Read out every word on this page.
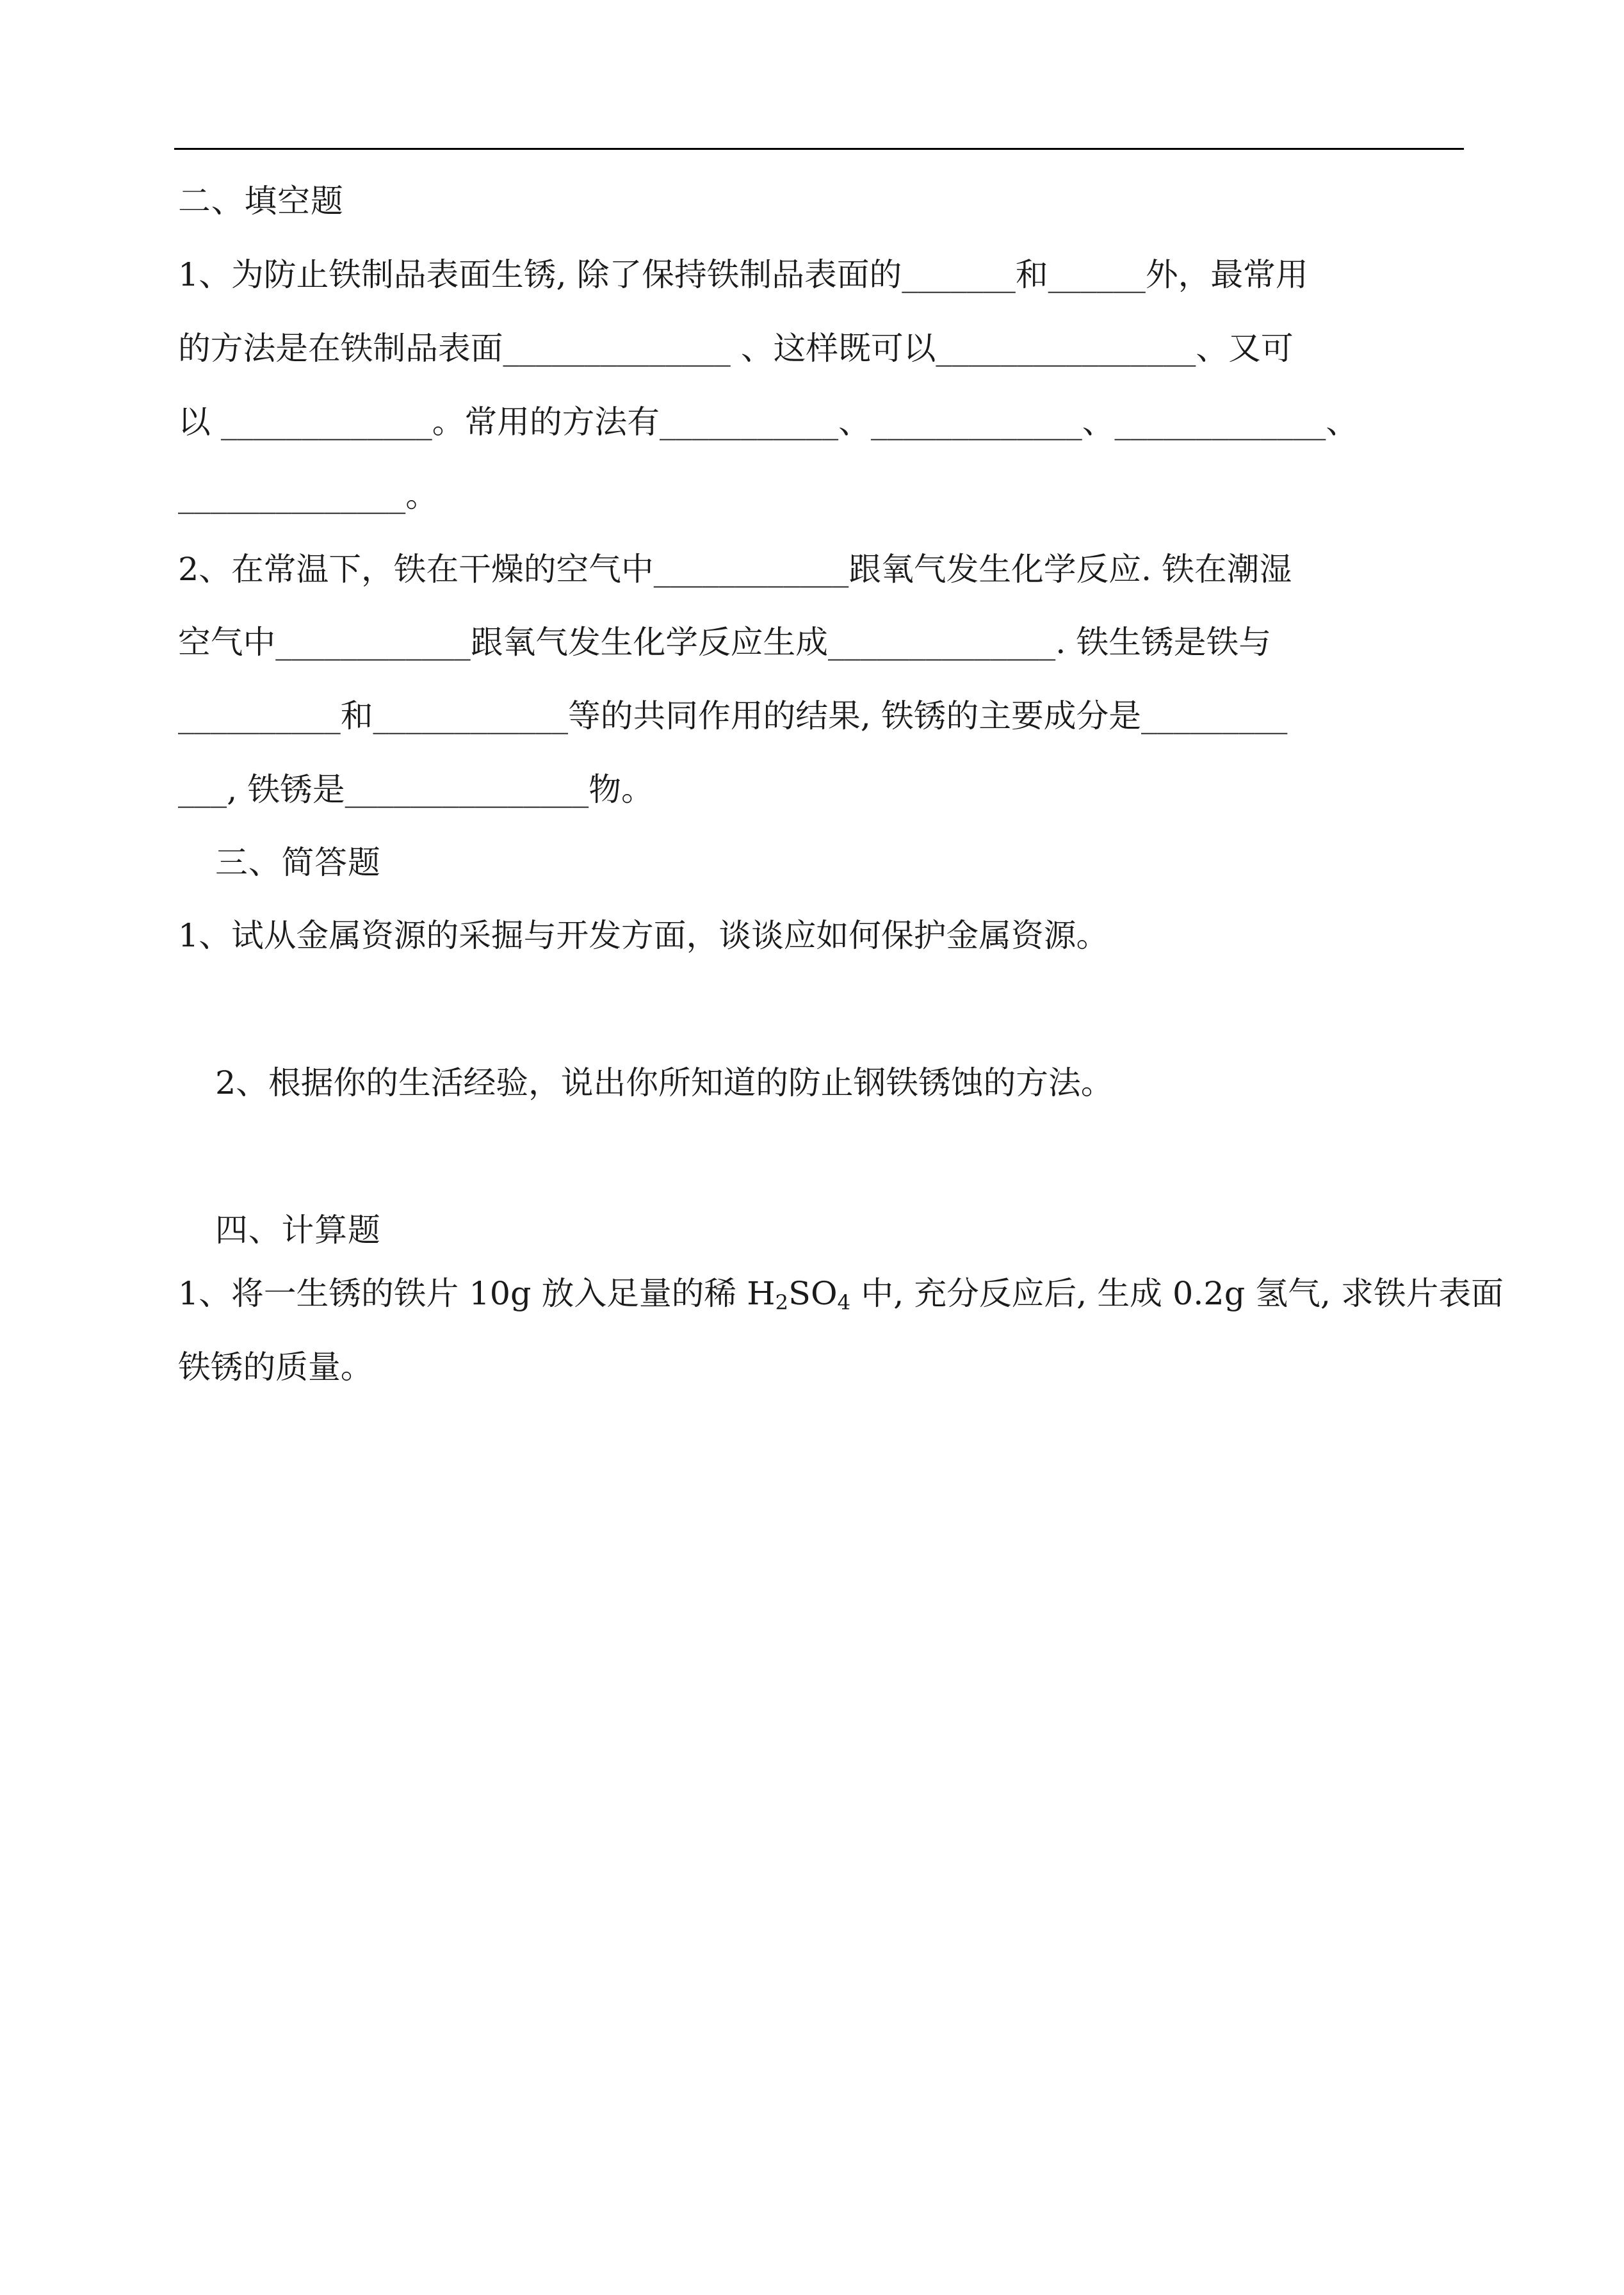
二、填空题
1、为防止铁制品表面生锈, 除了保持铁制品表面的_______和______外，最常用
的方法是在铁制品表面______________ 、这样既可以________________、又可
以 _____________。常用的方法有___________、_____________、_____________、
______________。
2、在常温下，铁在干燥的空气中____________跟氧气发生化学反应. 铁在潮湿
空气中____________跟氧气发生化学反应生成______________. 铁生锈是铁与
__________和____________等的共同作用的结果, 铁锈的主要成分是_________
___, 铁锈是_______________物。
三、简答题
1、试从金属资源的采掘与开发方面，谈谈应如何保护金属资源。
2、根据你的生活经验，说出你所知道的防止钢铁锈蚀的方法。
四、计算题
1、将一生锈的铁片 10g 放入足量的稀 $H_2SO_4$ 中, 充分反应后, 生成 0.2g 氢气, 求铁片表面
铁锈的质量。
